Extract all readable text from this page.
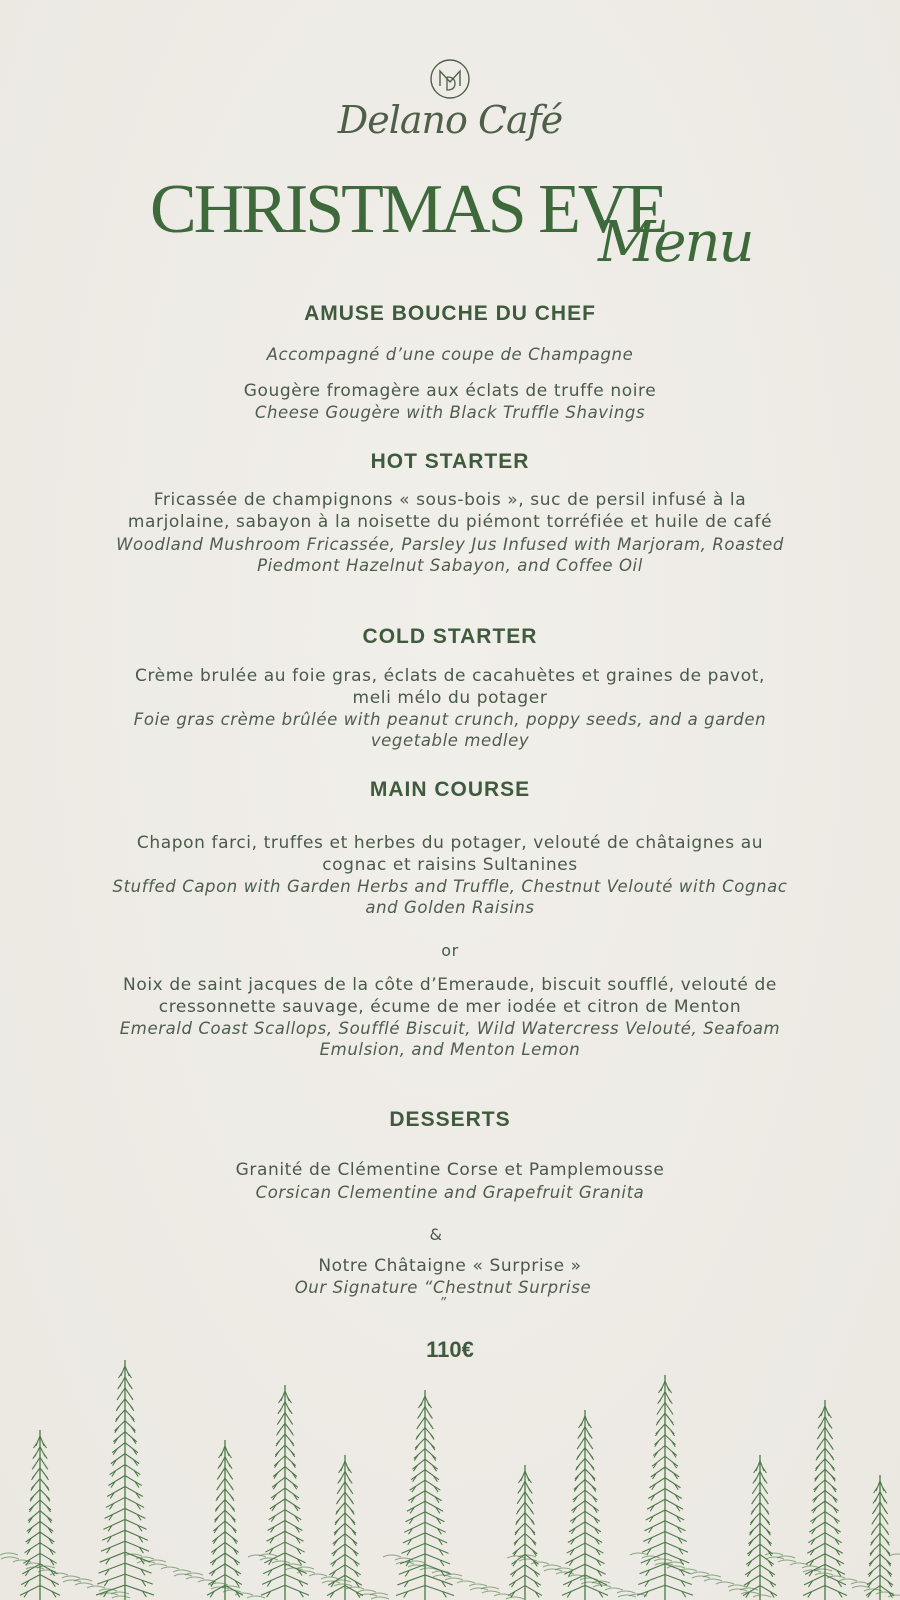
Delano Café
CHRISTMAS EVE
Menu
AMUSE BOUCHE DU CHEF
Accompagné d’une coupe de Champagne
Gougère fromagère aux éclats de truffe noire
Cheese Gougère with Black Truffle Shavings
HOT STARTER
Fricassée de champignons « sous-bois », suc de persil infusé à la
marjolaine, sabayon à la noisette du piémont torréfiée et huile de café
Woodland Mushroom Fricassée, Parsley Jus Infused with Marjoram, Roasted
Piedmont Hazelnut Sabayon, and Coffee Oil
COLD STARTER
Crème brulée au foie gras, éclats de cacahuètes et graines de pavot,
meli mélo du potager
Foie gras crème brûlée with peanut crunch, poppy seeds, and a garden
vegetable medley
MAIN COURSE
Chapon farci, truffes et herbes du potager, velouté de châtaignes au
cognac et raisins Sultanines
Stuffed Capon with Garden Herbs and Truffle, Chestnut Velouté with Cognac
and Golden Raisins
or
Noix de saint jacques de la côte d’Emeraude, biscuit soufflé, velouté de
cressonnette sauvage, écume de mer iodée et citron de Menton
Emerald Coast Scallops, Soufflé Biscuit, Wild Watercress Velouté, Seafoam
Emulsion, and Menton Lemon
DESSERTS
Granité de Clémentine Corse et Pamplemousse
Corsican Clementine and Grapefruit Granita
&
Notre Châtaigne « Surprise »
Our Signature “Chestnut Surprise
”
110€
